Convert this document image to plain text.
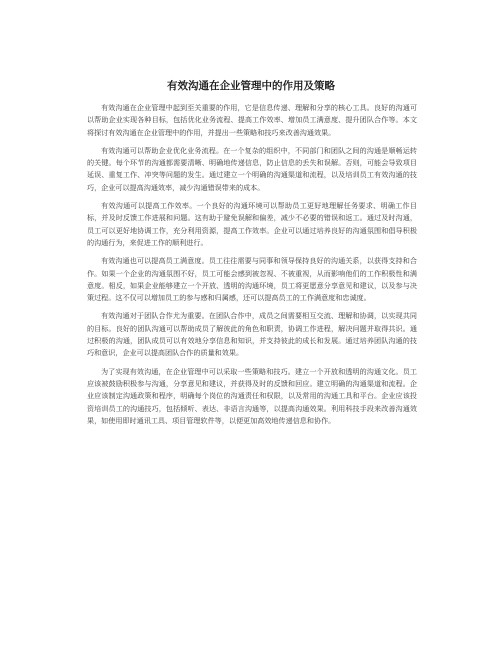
有效沟通在企业管理中的作用及策略

有效沟通在企业管理中起到至关重要的作用，它是信息传递、理解和分享的核心工具。良好的沟通可以帮助企业实现各种目标，包括优化业务流程、提高工作效率、增加员工满意度、提升团队合作等。本文将探讨有效沟通在企业管理中的作用，并提出一些策略和技巧来改善沟通效果。

有效沟通可以帮助企业优化业务流程。在一个复杂的组织中，不同部门和团队之间的沟通是顺畅运转的关键。每个环节的沟通都需要清晰、明确地传递信息，防止信息的丢失和误解。否则，可能会导致项目延误、重复工作、冲突等问题的发生。通过建立一个明确的沟通渠道和流程，以及培训员工有效沟通的技巧，企业可以提高沟通效率，减少沟通错误带来的成本。

有效沟通可以提高工作效率。一个良好的沟通环境可以帮助员工更好地理解任务要求、明确工作目标，并及时反馈工作进展和问题。这有助于避免误解和偏差，减少不必要的错误和返工。通过及时沟通，员工可以更好地协调工作，充分利用资源，提高工作效率。企业可以通过培养良好的沟通氛围和倡导积极的沟通行为，来促进工作的顺利进行。

有效沟通也可以提高员工满意度。员工往往需要与同事和领导保持良好的沟通关系，以获得支持和合作。如果一个企业的沟通氛围不好，员工可能会感到被忽视、不被重视，从而影响他们的工作积极性和满意度。相反，如果企业能够建立一个开放、透明的沟通环境，员工将更愿意分享意见和建议，以及参与决策过程。这不仅可以增加员工的参与感和归属感，还可以提高员工的工作满意度和忠诚度。

有效沟通对于团队合作尤为重要。在团队合作中，成员之间需要相互交流、理解和协调，以实现共同的目标。良好的团队沟通可以帮助成员了解彼此的角色和职责，协调工作进程，解决问题并取得共识。通过积极的沟通，团队成员可以有效地分享信息和知识，并支持彼此的成长和发展。通过培养团队沟通的技巧和意识，企业可以提高团队合作的质量和效果。

为了实现有效沟通，在企业管理中可以采取一些策略和技巧。建立一个开放和透明的沟通文化。员工应该被鼓励积极参与沟通，分享意见和建议，并获得及时的反馈和回应。建立明确的沟通渠道和流程。企业应该制定沟通政策和程序，明确每个岗位的沟通责任和权限，以及常用的沟通工具和平台。企业应该投资培训员工的沟通技巧，包括倾听、表达、非语言沟通等，以提高沟通效果。利用科技手段来改善沟通效果，如使用即时通讯工具、项目管理软件等，以便更加高效地传递信息和协作。
